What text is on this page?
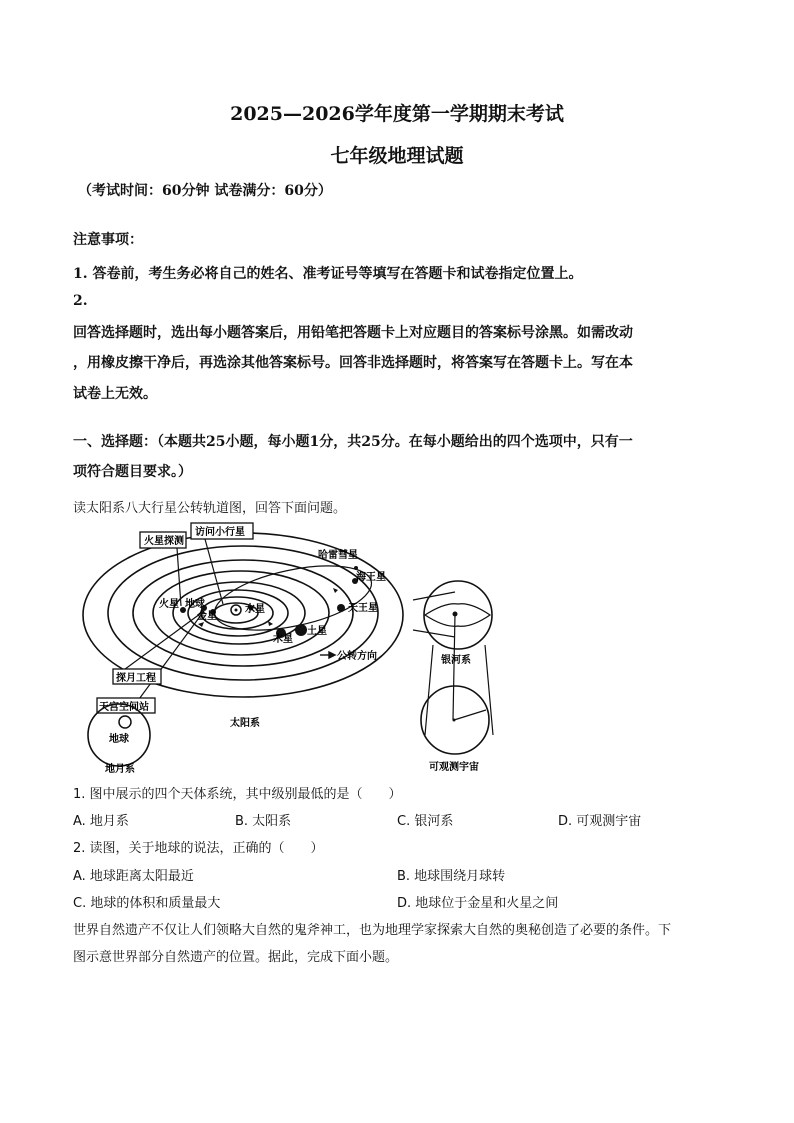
2025—2026学年度第一学期期末考试
七年级地理试题
（考试时间：60分钟 试卷满分：60分）
注意事项：
1. 答卷前，考生务必将自己的姓名、准考证号等填写在答题卡和试卷指定位置上。
2.
回答选择题时，选出每小题答案后，用铅笔把答题卡上对应题目的答案标号涂黑。如需改动
，用橡皮擦干净后，再选涂其他答案标号。回答非选择题时，将答案写在答题卡上。写在本
试卷上无效。
一、选择题：（本题共25小题，每小题1分，共25分。在每小题给出的四个选项中，只有一
项符合题目要求。）
读太阳系八大行星公转轨道图，回答下面问题。
火星探测
访问小行星
探月工程
天宫空间站
哈雷彗星
海王星
天王星
火星 地球
金星
水星
土星
木星
公转方向
太阳系
地球
地月系
银河系
可观测宇宙
1. 图中展示的四个天体系统，其中级别最低的是（　　）
A. 地月系	B. 太阳系	C. 银河系	D. 可观测宇宙
2. 读图，关于地球的说法，正确的（　　）
A. 地球距离太阳最近	B. 地球围绕月球转
C. 地球的体积和质量最大	D. 地球位于金星和火星之间
世界自然遗产不仅让人们领略大自然的鬼斧神工，也为地理学家探索大自然的奥秘创造了必要的条件。下
图示意世界部分自然遗产的位置。据此，完成下面小题。
